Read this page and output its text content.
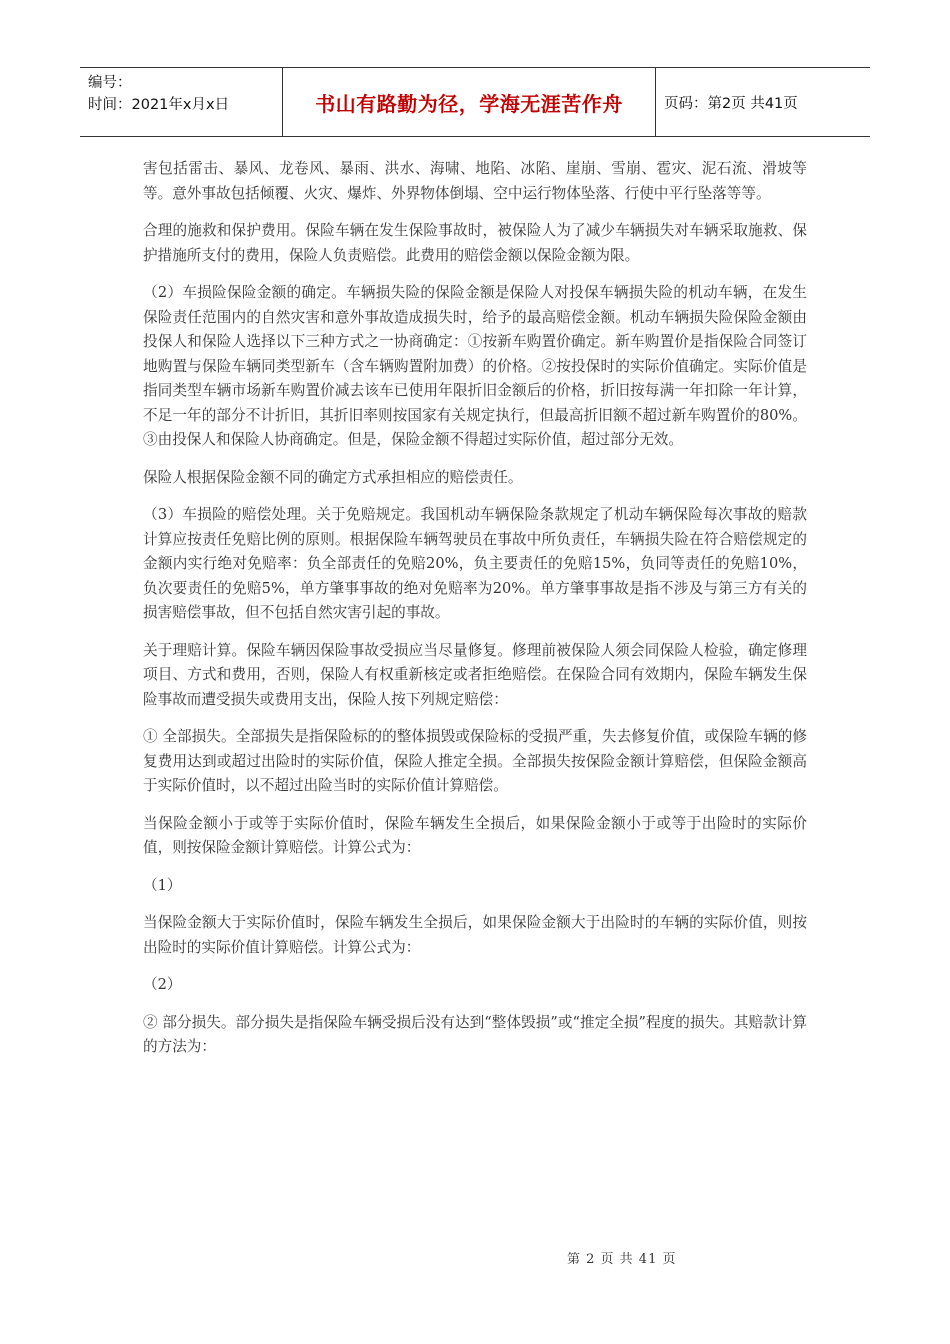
编号：
时间：2021年x月x日	书山有路勤为径，学海无涯苦作舟	页码：第2页 共41页

害包括雷击、暴风、龙卷风、暴雨、洪水、海啸、地陷、冰陷、崖崩、雪崩、雹灾、泥石流、滑坡等等。意外事故包括倾覆、火灾、爆炸、外界物体倒塌、空中运行物体坠落、行使中平行坠落等等。

合理的施救和保护费用。保险车辆在发生保险事故时，被保险人为了减少车辆损失对车辆采取施救、保护措施所支付的费用，保险人负责赔偿。此费用的赔偿金额以保险金额为限。

（2）车损险保险金额的确定。车辆损失险的保险金额是保险人对投保车辆损失险的机动车辆，在发生保险责任范围内的自然灾害和意外事故造成损失时，给予的最高赔偿金额。机动车辆损失险保险金额由投保人和保险人选择以下三种方式之一协商确定：①按新车购置价确定。新车购置价是指保险合同签订地购置与保险车辆同类型新车（含车辆购置附加费）的价格。②按投保时的实际价值确定。实际价值是指同类型车辆市场新车购置价减去该车已使用年限折旧金额后的价格，折旧按每满一年扣除一年计算，不足一年的部分不计折旧，其折旧率则按国家有关规定执行，但最高折旧额不超过新车购置价的80%。③由投保人和保险人协商确定。但是，保险金额不得超过实际价值，超过部分无效。

保险人根据保险金额不同的确定方式承担相应的赔偿责任。

（3）车损险的赔偿处理。关于免赔规定。我国机动车辆保险条款规定了机动车辆保险每次事故的赔款计算应按责任免赔比例的原则。根据保险车辆驾驶员在事故中所负责任，车辆损失险在符合赔偿规定的金额内实行绝对免赔率：负全部责任的免赔20%，负主要责任的免赔15%，负同等责任的免赔10%，负次要责任的免赔5%，单方肇事事故的绝对免赔率为20%。单方肇事事故是指不涉及与第三方有关的损害赔偿事故，但不包括自然灾害引起的事故。

关于理赔计算。保险车辆因保险事故受损应当尽量修复。修理前被保险人须会同保险人检验，确定修理项目、方式和费用，否则，保险人有权重新核定或者拒绝赔偿。在保险合同有效期内，保险车辆发生保险事故而遭受损失或费用支出，保险人按下列规定赔偿：

① 全部损失。全部损失是指保险标的的整体损毁或保险标的受损严重，失去修复价值，或保险车辆的修复费用达到或超过出险时的实际价值，保险人推定全损。全部损失按保险金额计算赔偿，但保险金额高于实际价值时，以不超过出险当时的实际价值计算赔偿。

当保险金额小于或等于实际价值时，保险车辆发生全损后，如果保险金额小于或等于出险时的实际价值，则按保险金额计算赔偿。计算公式为：

（1）

当保险金额大于实际价值时，保险车辆发生全损后，如果保险金额大于出险时的车辆的实际价值，则按出险时的实际价值计算赔偿。计算公式为：

（2）

② 部分损失。部分损失是指保险车辆受损后没有达到“整体毁损”或“推定全损”程度的损失。其赔款计算的方法为：

第 2 页 共 41 页
